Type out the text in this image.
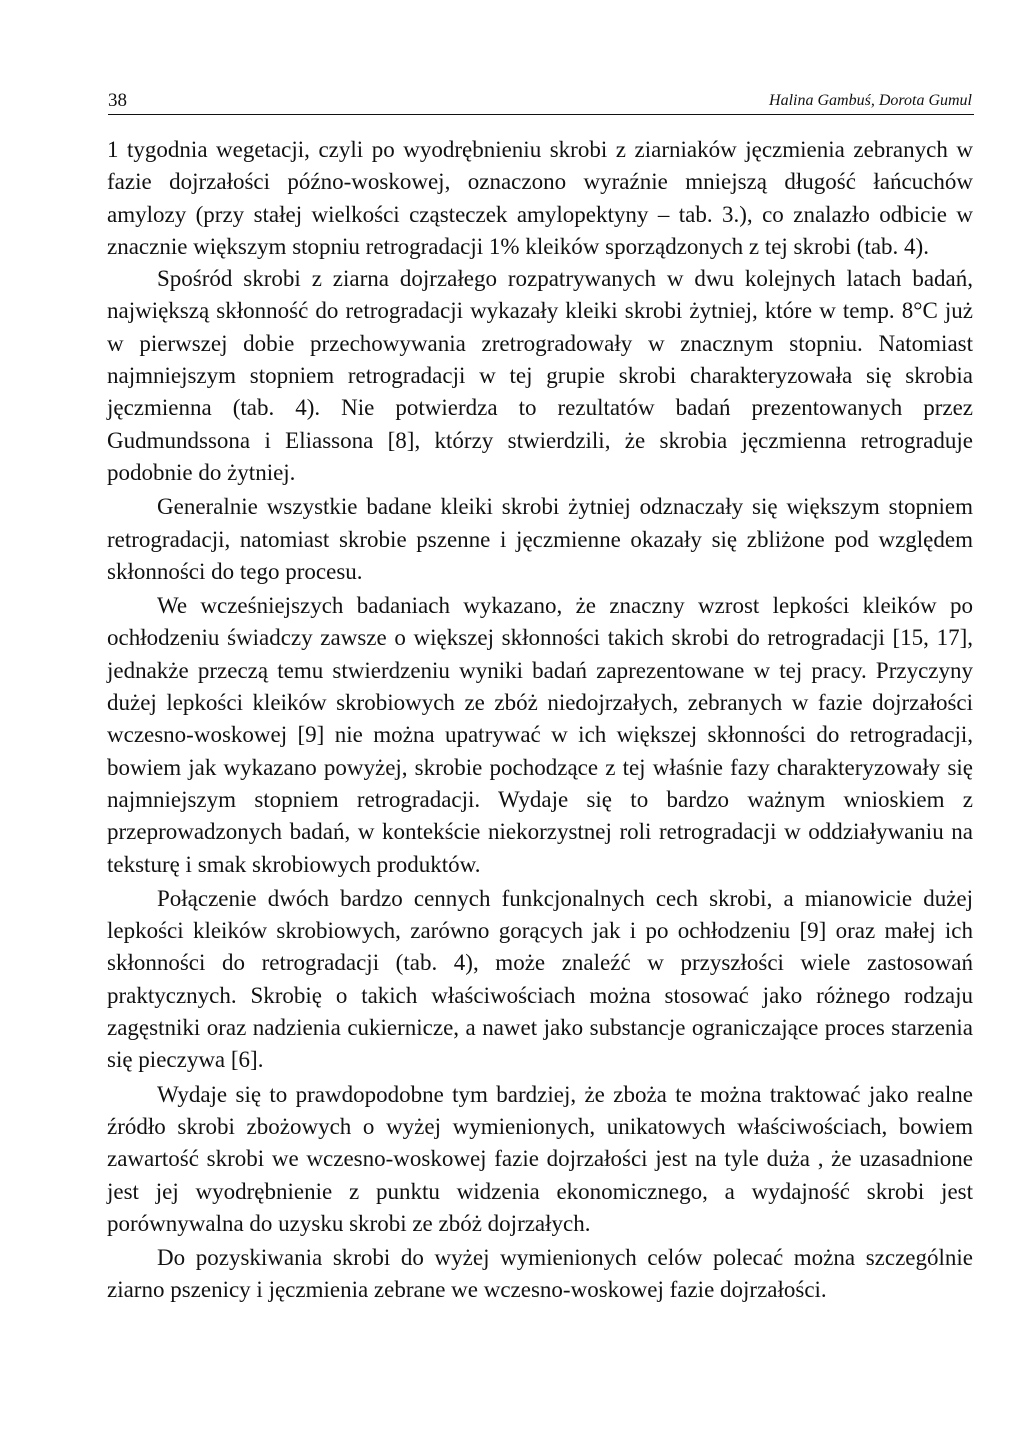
38	Halina Gambuś, Dorota Gumul

1 tygodnia wegetacji, czyli po wyodrębnieniu skrobi z ziarniaków jęczmienia zebranych w fazie dojrzałości późno-woskowej, oznaczono wyraźnie mniejszą długość łańcuchów amylozy (przy stałej wielkości cząsteczek amylopektyny – tab. 3.), co znalazło odbicie w znacznie większym stopniu retrogradacji 1% kleików sporządzonych z tej skrobi (tab. 4).

Spośród skrobi z ziarna dojrzałego rozpatrywanych w dwu kolejnych latach badań, największą skłonność do retrogradacji wykazały kleiki skrobi żytniej, które w temp. 8°C już w pierwszej dobie przechowywania zretrogradowały w znacznym stopniu. Natomiast najmniejszym stopniem retrogradacji w tej grupie skrobi charakteryzowała się skrobia jęczmienna (tab. 4). Nie potwierdza to rezultatów badań prezentowanych przez Gudmundssona i Eliassona [8], którzy stwierdzili, że skrobia jęczmienna retrograduje podobnie do żytniej.

Generalnie wszystkie badane kleiki skrobi żytniej odznaczały się większym stopniem retrogradacji, natomiast skrobie pszenne i jęczmienne okazały się zbliżone pod względem skłonności do tego procesu.

We wcześniejszych badaniach wykazano, że znaczny wzrost lepkości kleików po ochłodzeniu świadczy zawsze o większej skłonności takich skrobi do retrogradacji [15, 17], jednakże przeczą temu stwierdzeniu wyniki badań zaprezentowane w tej pracy. Przyczyny dużej lepkości kleików skrobiowych ze zbóż niedojrzałych, zebranych w fazie dojrzałości wczesno-woskowej [9] nie można upatrywać w ich większej skłonności do retrogradacji, bowiem jak wykazano powyżej, skrobie pochodzące z tej właśnie fazy charakteryzowały się najmniejszym stopniem retrogradacji. Wydaje się to bardzo ważnym wnioskiem z przeprowadzonych badań, w kontekście niekorzystnej roli retrogradacji w oddziaływaniu na teksturę i smak skrobiowych produktów.

Połączenie dwóch bardzo cennych funkcjonalnych cech skrobi, a mianowicie dużej lepkości kleików skrobiowych, zarówno gorących jak i po ochłodzeniu [9] oraz małej ich skłonności do retrogradacji (tab. 4), może znaleźć w przyszłości wiele zastosowań praktycznych. Skrobię o takich właściwościach można stosować jako różnego rodzaju zagęstniki oraz nadzienia cukiernicze, a nawet jako substancje ograniczające proces starzenia się pieczywa [6].

Wydaje się to prawdopodobne tym bardziej, że zboża te można traktować jako realne źródło skrobi zbożowych o wyżej wymienionych, unikatowych właściwościach, bowiem zawartość skrobi we wczesno-woskowej fazie dojrzałości jest na tyle duża , że uzasadnione jest jej wyodrębnienie z punktu widzenia ekonomicznego, a wydajność skrobi jest porównywalna do uzysku skrobi ze zbóż dojrzałych.

Do pozyskiwania skrobi do wyżej wymienionych celów polecać można szczególnie ziarno pszenicy i jęczmienia zebrane we wczesno-woskowej fazie dojrzałości.
